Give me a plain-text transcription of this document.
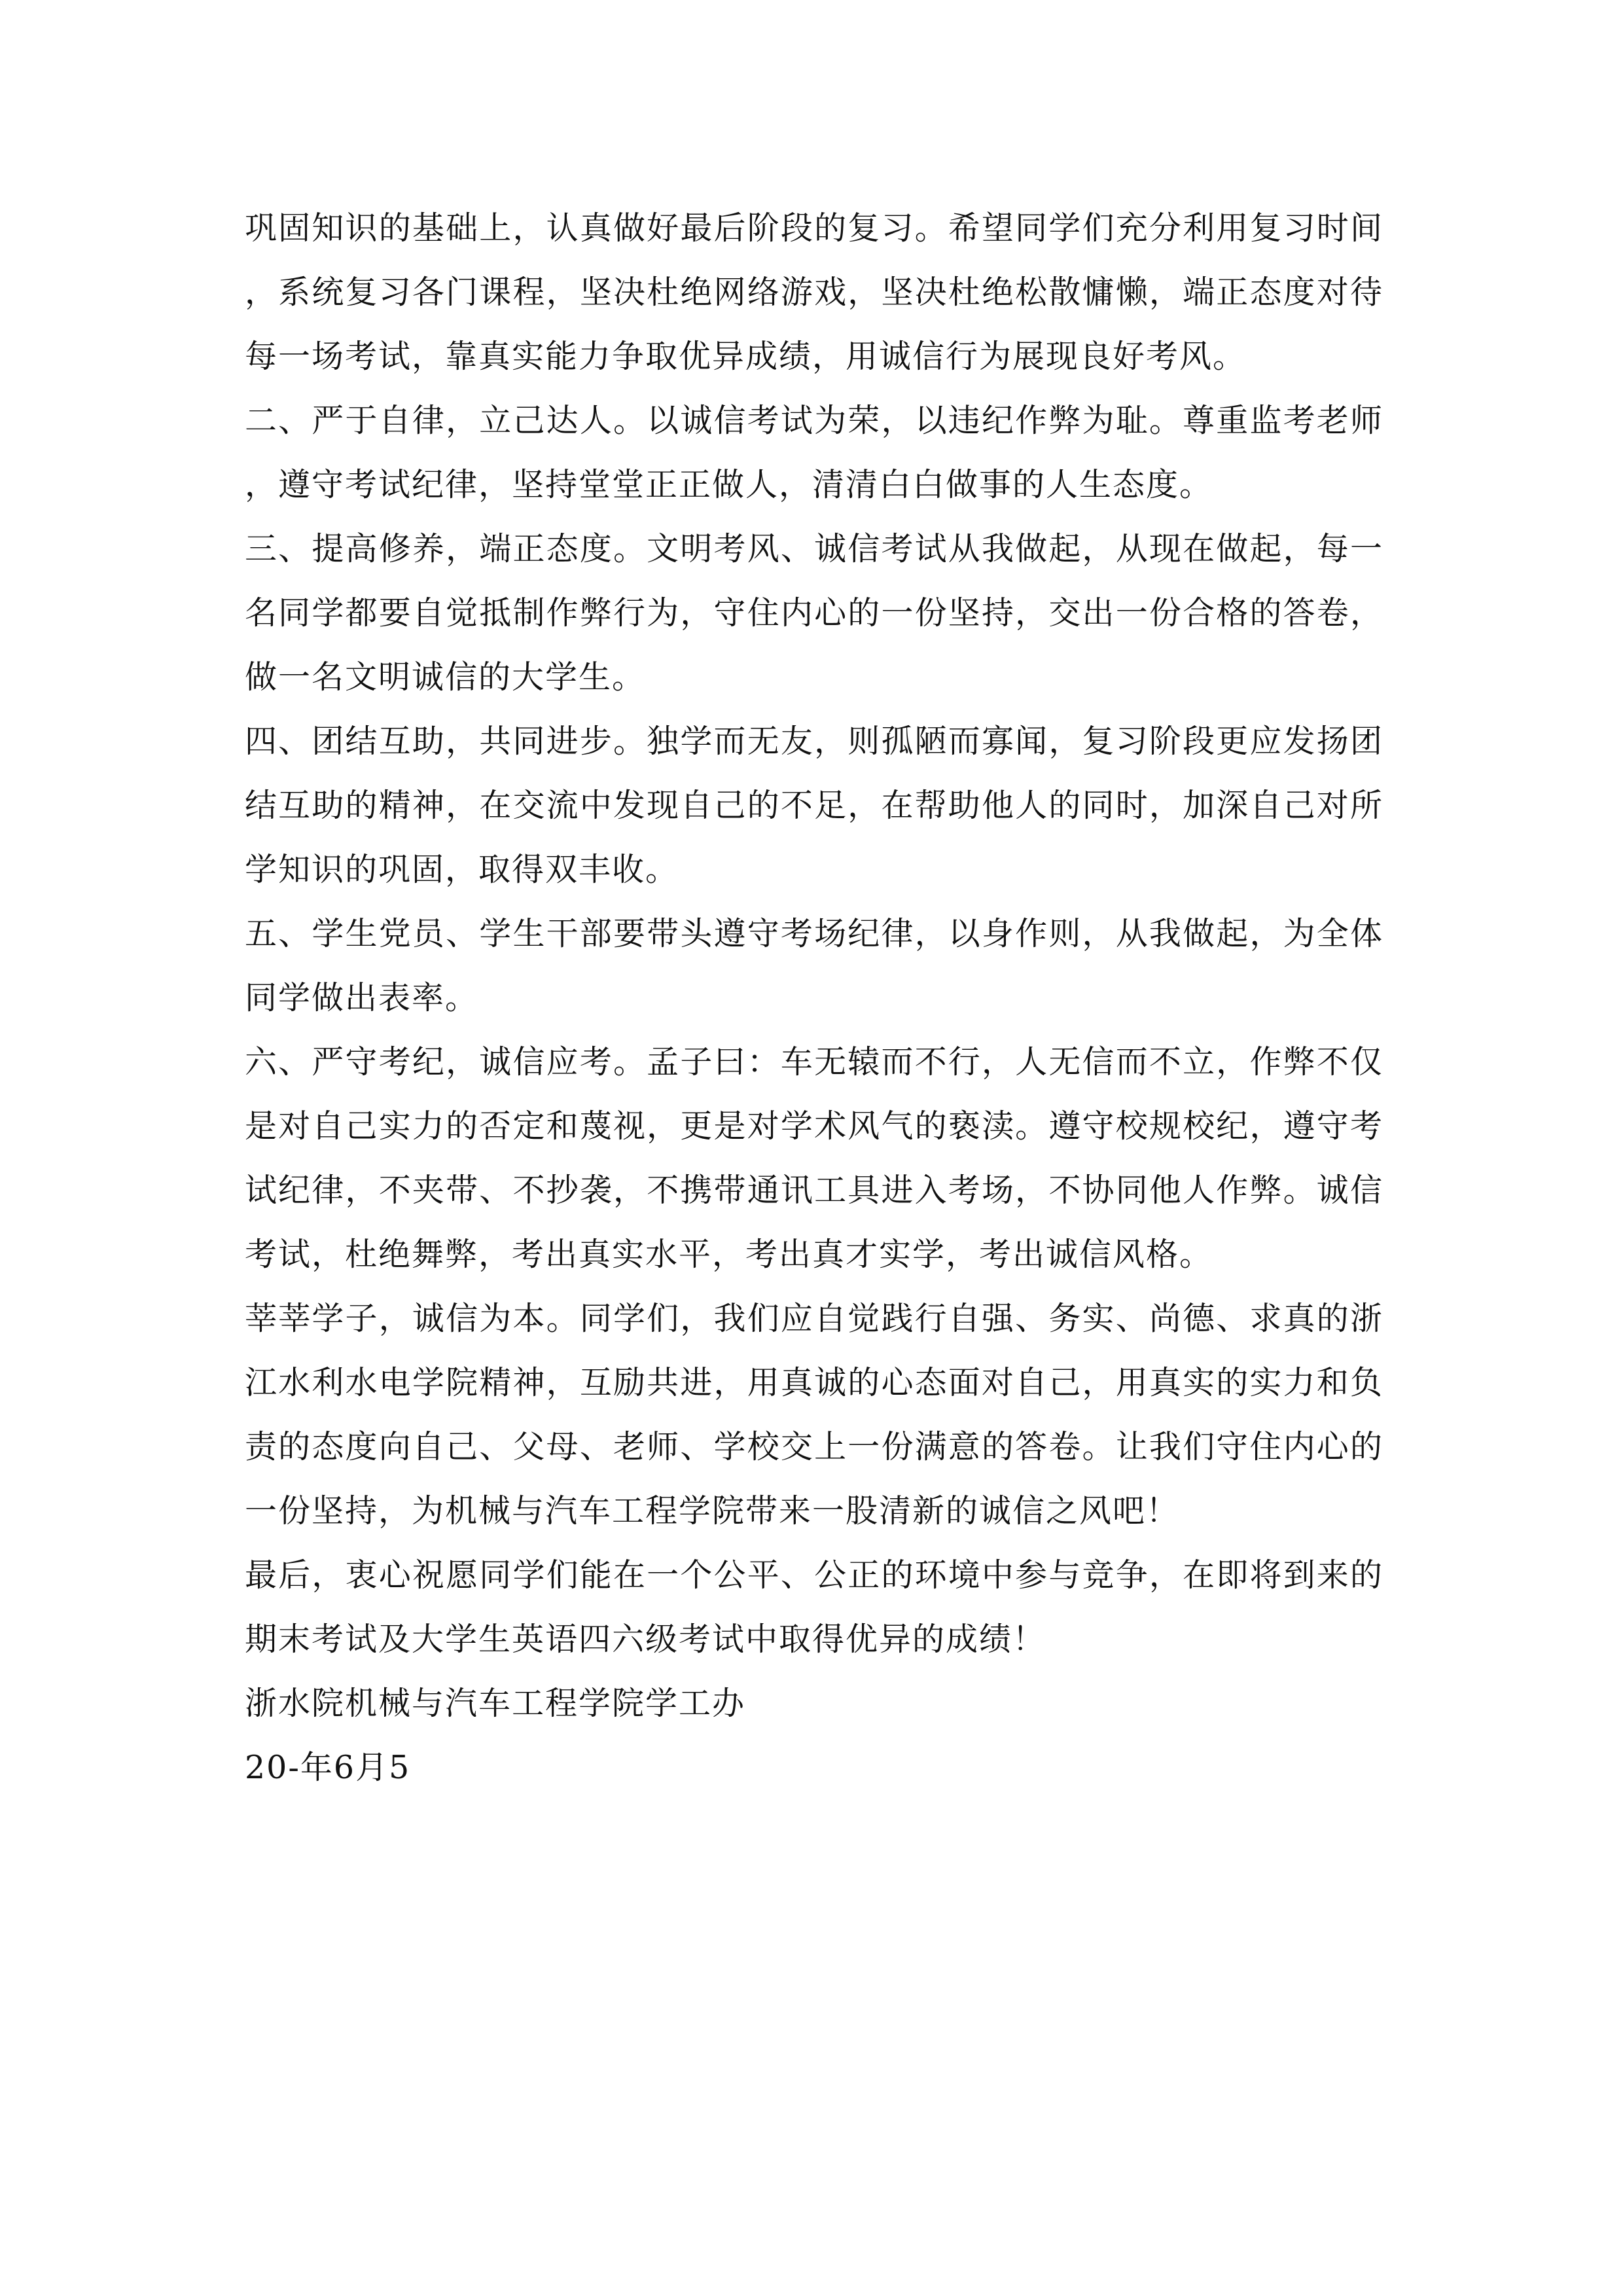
巩固知识的基础上，认真做好最后阶段的复习。希望同学们充分利用复习时间，系统复习各门课程，坚决杜绝网络游戏，坚决杜绝松散慵懒，端正态度对待每一场考试，靠真实能力争取优异成绩，用诚信行为展现良好考风。

二、严于自律，立己达人。以诚信考试为荣，以违纪作弊为耻。尊重监考老师，遵守考试纪律，坚持堂堂正正做人，清清白白做事的人生态度。

三、提高修养，端正态度。文明考风、诚信考试从我做起，从现在做起，每一名同学都要自觉抵制作弊行为，守住内心的一份坚持，交出一份合格的答卷，做一名文明诚信的大学生。

四、团结互助，共同进步。独学而无友，则孤陋而寡闻，复习阶段更应发扬团结互助的精神，在交流中发现自己的不足，在帮助他人的同时，加深自己对所学知识的巩固，取得双丰收。

五、学生党员、学生干部要带头遵守考场纪律，以身作则，从我做起，为全体同学做出表率。

六、严守考纪，诚信应考。孟子曰：车无辕而不行，人无信而不立，作弊不仅是对自己实力的否定和蔑视，更是对学术风气的亵渎。遵守校规校纪，遵守考试纪律，不夹带、不抄袭，不携带通讯工具进入考场，不协同他人作弊。诚信考试，杜绝舞弊，考出真实水平，考出真才实学，考出诚信风格。

莘莘学子，诚信为本。同学们，我们应自觉践行自强、务实、尚德、求真的浙江水利水电学院精神，互励共进，用真诚的心态面对自己，用真实的实力和负责的态度向自己、父母、老师、学校交上一份满意的答卷。让我们守住内心的一份坚持，为机械与汽车工程学院带来一股清新的诚信之风吧！

最后，衷心祝愿同学们能在一个公平、公正的环境中参与竞争，在即将到来的期末考试及大学生英语四六级考试中取得优异的成绩！

浙水院机械与汽车工程学院学工办

20-年6月5
